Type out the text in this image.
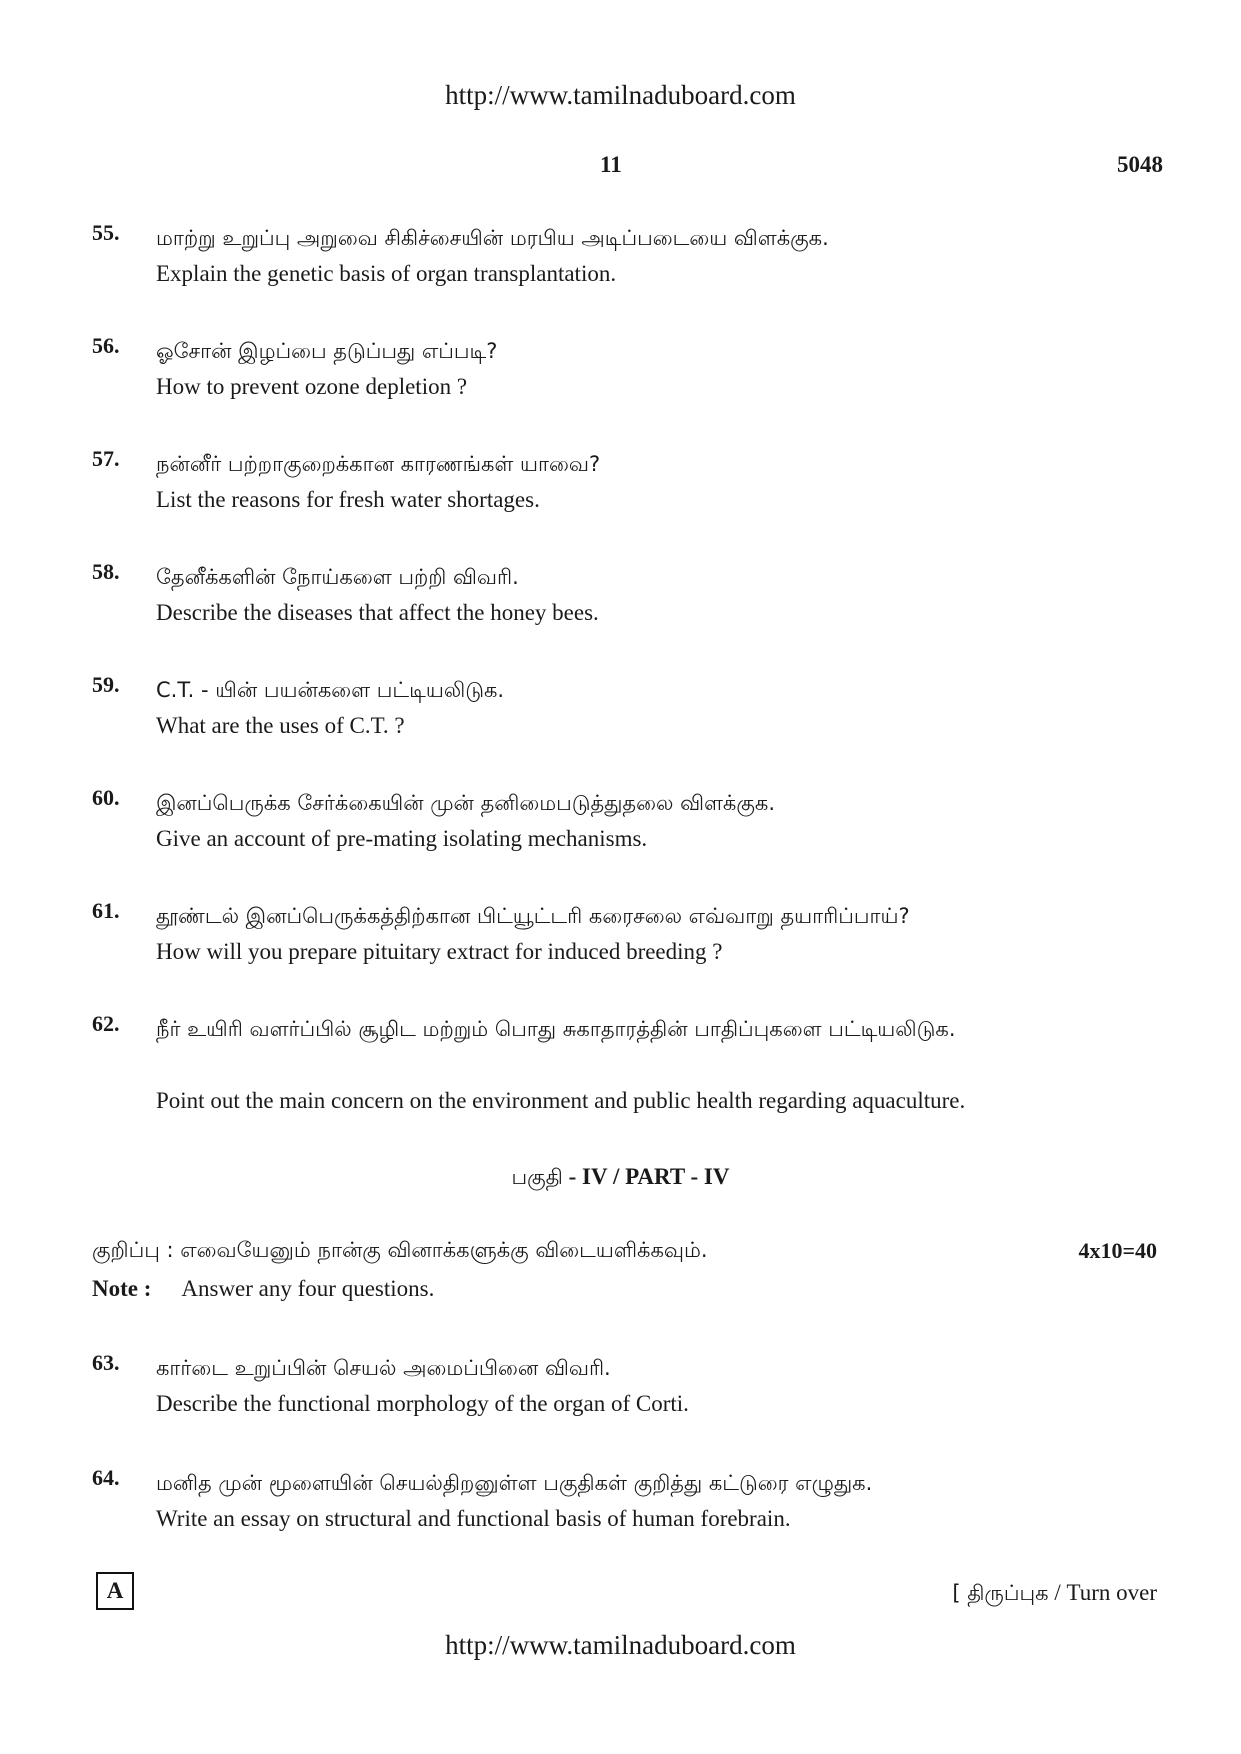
http://www.tamilnaduboard.com
11	5048
55. மாற்று உறுப்பு அறுவை சிகிச்சையின் மரபிய அடிப்படையை விளக்குக.
Explain the genetic basis of organ transplantation.
56. ஓசோன் இழப்பை தடுப்பது எப்படி?
How to prevent ozone depletion ?
57. நன்னீர் பற்றாகுறைக்கான காரணங்கள் யாவை?
List the reasons for fresh water shortages.
58. தேனீக்களின் நோய்களை பற்றி விவரி.
Describe the diseases that affect the honey bees.
59. C.T. - யின் பயன்களை பட்டியலிடுக.
What are the uses of C.T. ?
60. இனப்பெருக்க சேர்க்கையின் முன் தனிமைபடுத்துதலை விளக்குக.
Give an account of pre-mating isolating mechanisms.
61. தூண்டல் இனப்பெருக்கத்திற்கான பிட்யூட்டரி கரைசலை எவ்வாறு தயாரிப்பாய்?
How will you prepare pituitary extract for induced breeding ?
62. நீர் உயிரி வளர்ப்பில் சூழிட மற்றும் பொது சுகாதாரத்தின் பாதிப்புகளை பட்டியலிடுக.
Point out the main concern on the environment and public health regarding aquaculture.
பகுதி - IV / PART - IV
குறிப்பு : எவையேனும் நான்கு வினாக்களுக்கு விடையளிக்கவும்.	4x10=40
Note : Answer any four questions.
63. கார்டை உறுப்பின் செயல் அமைப்பினை விவரி.
Describe the functional morphology of the organ of Corti.
64. மனித முன் மூளையின் செயல்திறனுள்ள பகுதிகள் குறித்து கட்டுரை எழுதுக.
Write an essay on structural and functional basis of human forebrain.
A	[ திருப்புக / Turn over
http://www.tamilnaduboard.com
